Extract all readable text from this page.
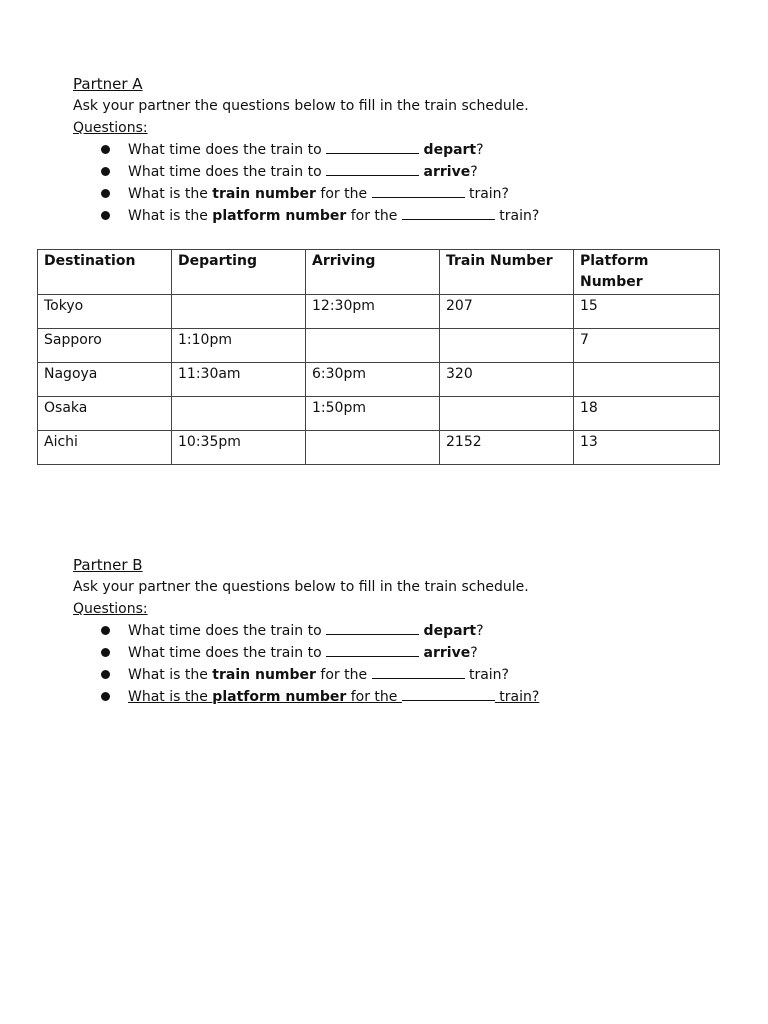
Partner A
Ask your partner the questions below to fill in the train schedule.
Questions:
What time does the train to	depart?
What time does the train to	arrive?
What is the train number for the	train?
What is the platform number for the	train?
Destination	Departing	Arriving	Train Number	Platform Number
Tokyo		12:30pm	207	15
Sapporo	1:10pm			7
Nagoya	11:30am	6:30pm	320	
Osaka		1:50pm		18
Aichi	10:35pm		2152	13
Partner B
Ask your partner the questions below to fill in the train schedule.
Questions:
What time does the train to	depart?
What time does the train to	arrive?
What is the train number for the	train?
What is the platform number for the	train?
